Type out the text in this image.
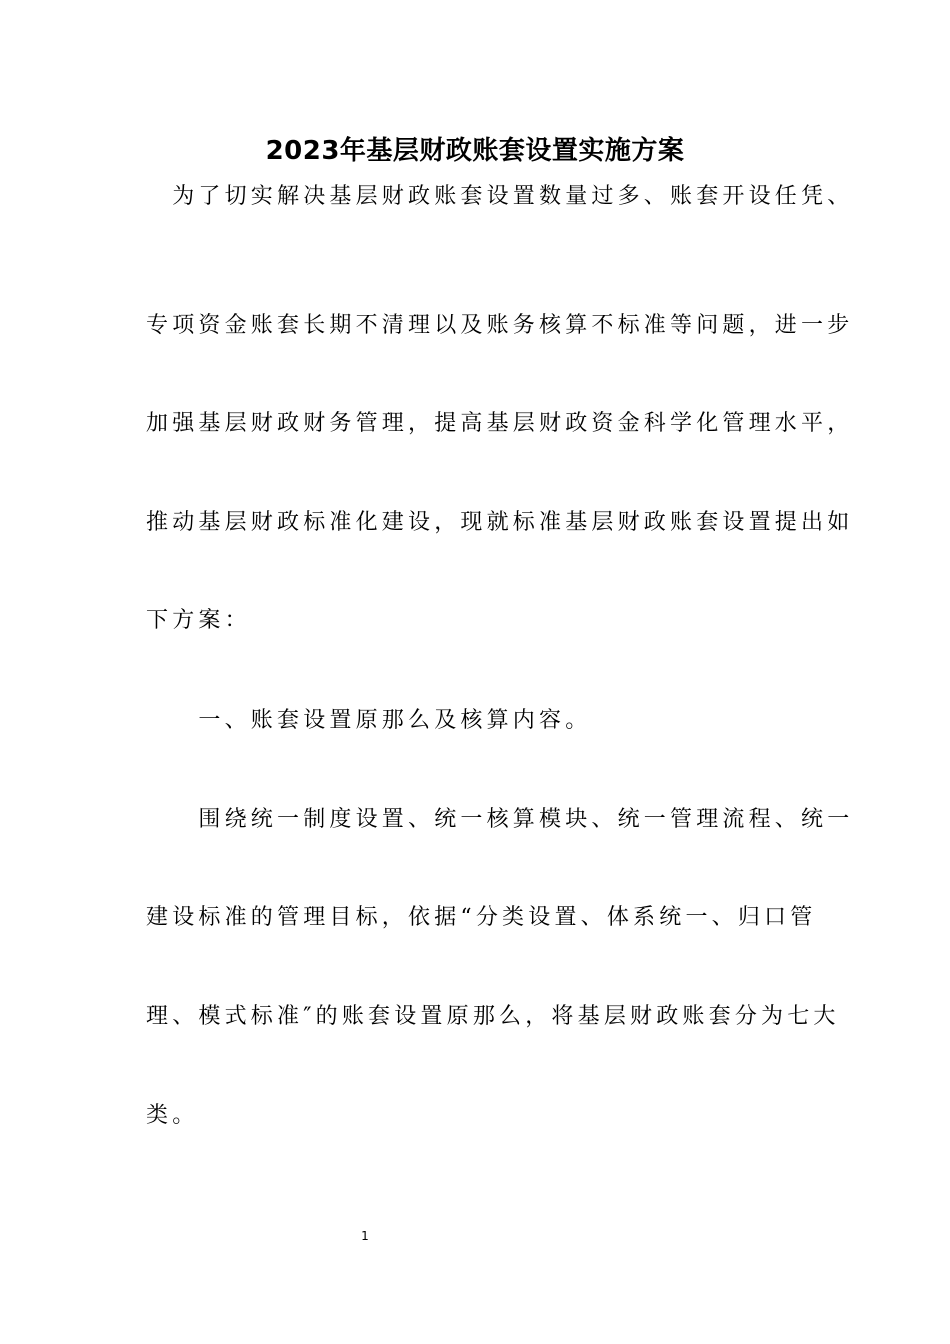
2023年基层财政账套设置实施方案

　为了切实解决基层财政账套设置数量过多、账套开设任凭、

专项资金账套长期不清理以及账务核算不标准等问题，进一步

加强基层财政财务管理，提高基层财政资金科学化管理水平，

推动基层财政标准化建设，现就标准基层财政账套设置提出如

下方案：

　　一、账套设置原那么及核算内容。

　　围绕统一制度设置、统一核算模块、统一管理流程、统一

建设标准的管理目标，依据“分类设置、体系统一、归口管

理、模式标准″的账套设置原那么，将基层财政账套分为七大

类。

1
